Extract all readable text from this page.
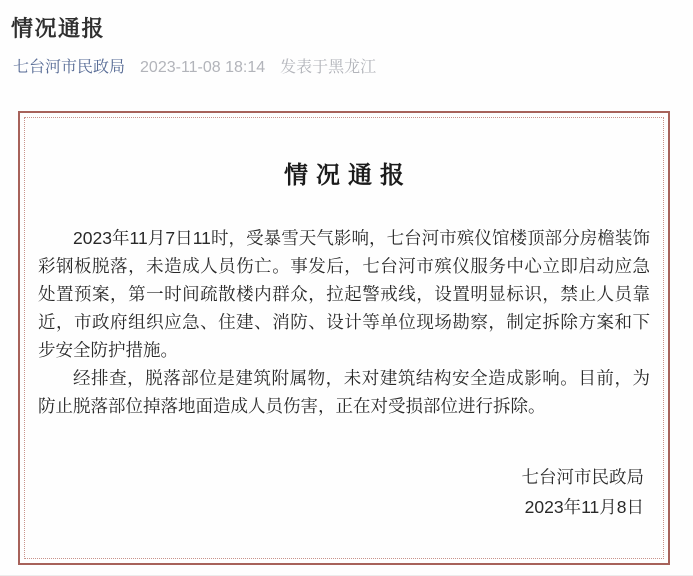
情况通报
七台河市民政局 2023-11-08 18:14 发表于黑龙江
情况通报

2023年11月7日11时，受暴雪天气影响，七台河市殡仪馆楼顶部分房檐装饰彩钢板脱落，未造成人员伤亡。事发后，七台河市殡仪服务中心立即启动应急处置预案，第一时间疏散楼内群众，拉起警戒线，设置明显标识，禁止人员靠近，市政府组织应急、住建、消防、设计等单位现场勘察，制定拆除方案和下步安全防护措施。

经排查，脱落部位是建筑附属物，未对建筑结构安全造成影响。目前，为防止脱落部位掉落地面造成人员伤害，正在对受损部位进行拆除。

七台河市民政局
2023年11月8日
